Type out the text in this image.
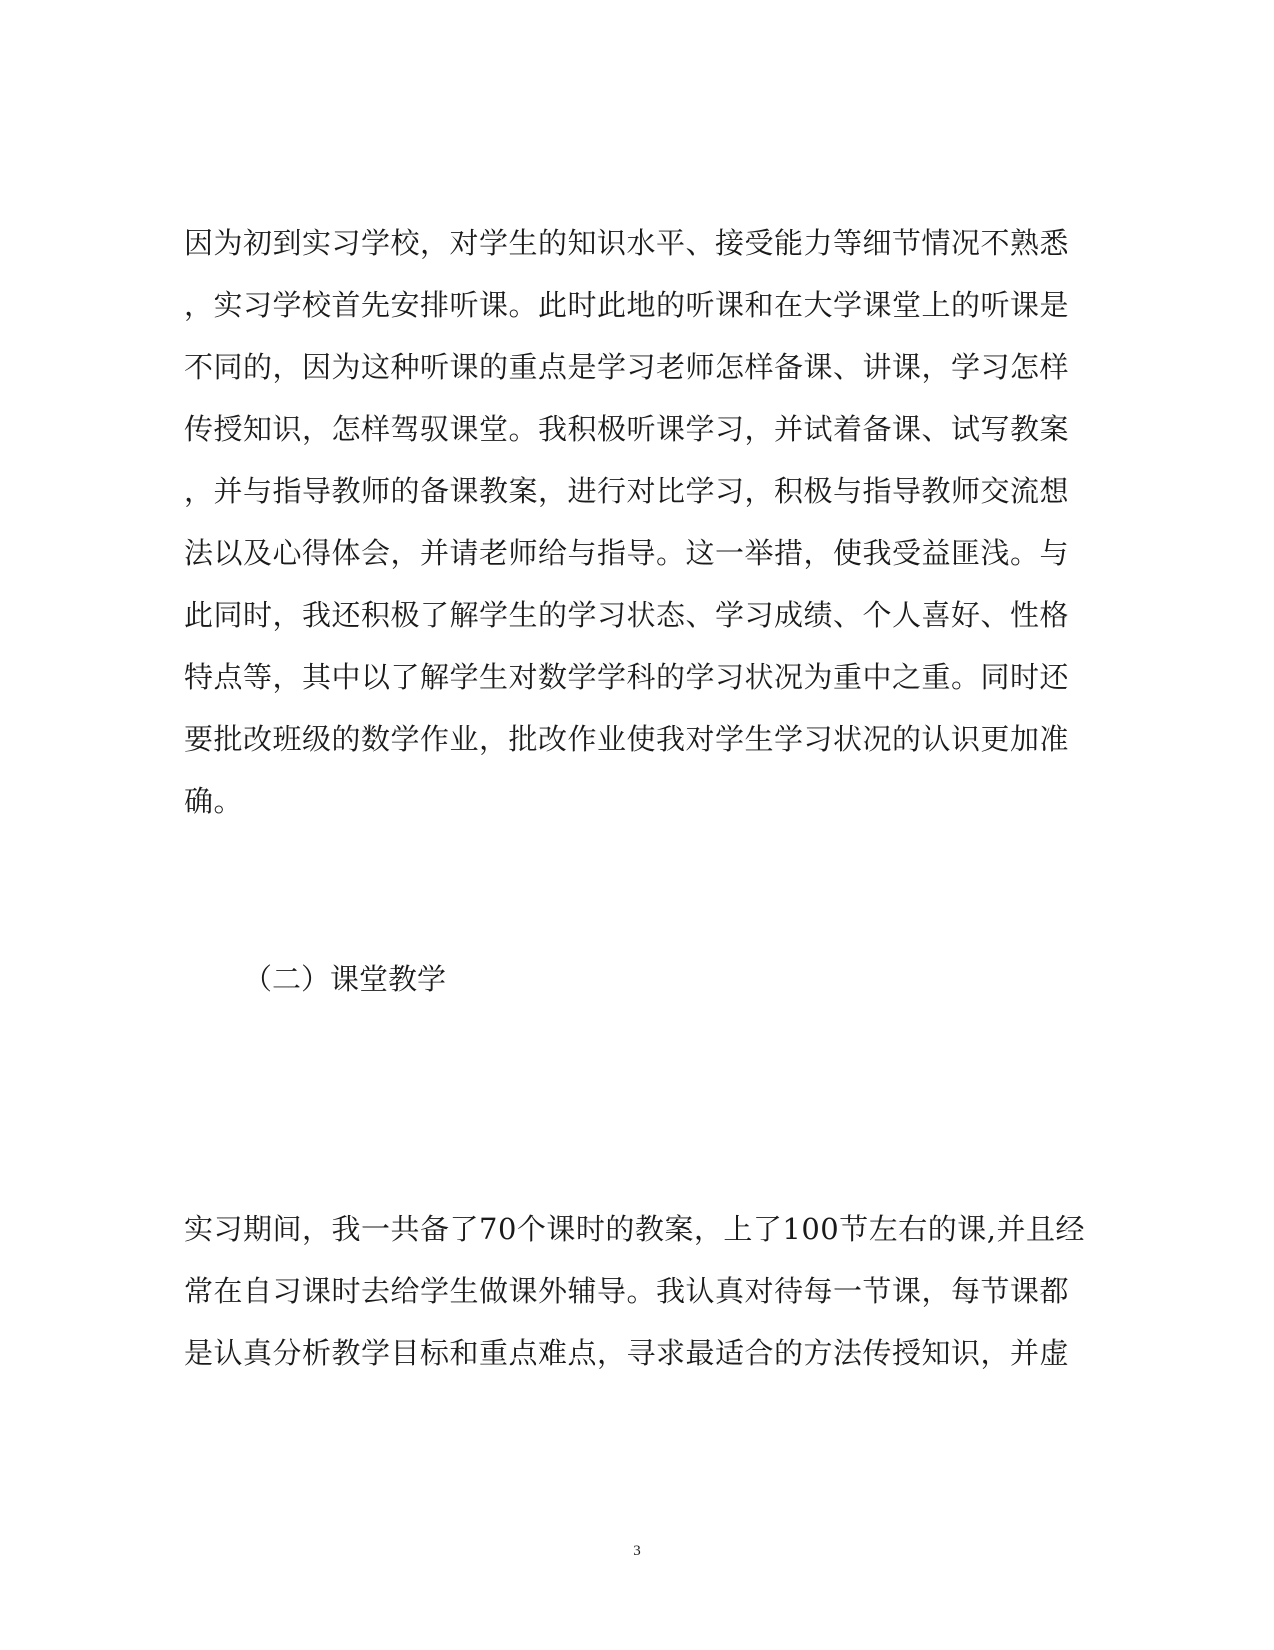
因为初到实习学校，对学生的知识水平、接受能力等细节情况不熟悉
，实习学校首先安排听课。此时此地的听课和在大学课堂上的听课是
不同的，因为这种听课的重点是学习老师怎样备课、讲课，学习怎样
传授知识，怎样驾驭课堂。我积极听课学习，并试着备课、试写教案
，并与指导教师的备课教案，进行对比学习，积极与指导教师交流想
法以及心得体会，并请老师给与指导。这一举措，使我受益匪浅。与
此同时，我还积极了解学生的学习状态、学习成绩、个人喜好、性格
特点等，其中以了解学生对数学学科的学习状况为重中之重。同时还
要批改班级的数学作业，批改作业使我对学生学习状况的认识更加准
确。
（二）课堂教学
实习期间，我一共备了70个课时的教案，上了100节左右的课,并且经
常在自习课时去给学生做课外辅导。我认真对待每一节课，每节课都
是认真分析教学目标和重点难点，寻求最适合的方法传授知识，并虚
3
